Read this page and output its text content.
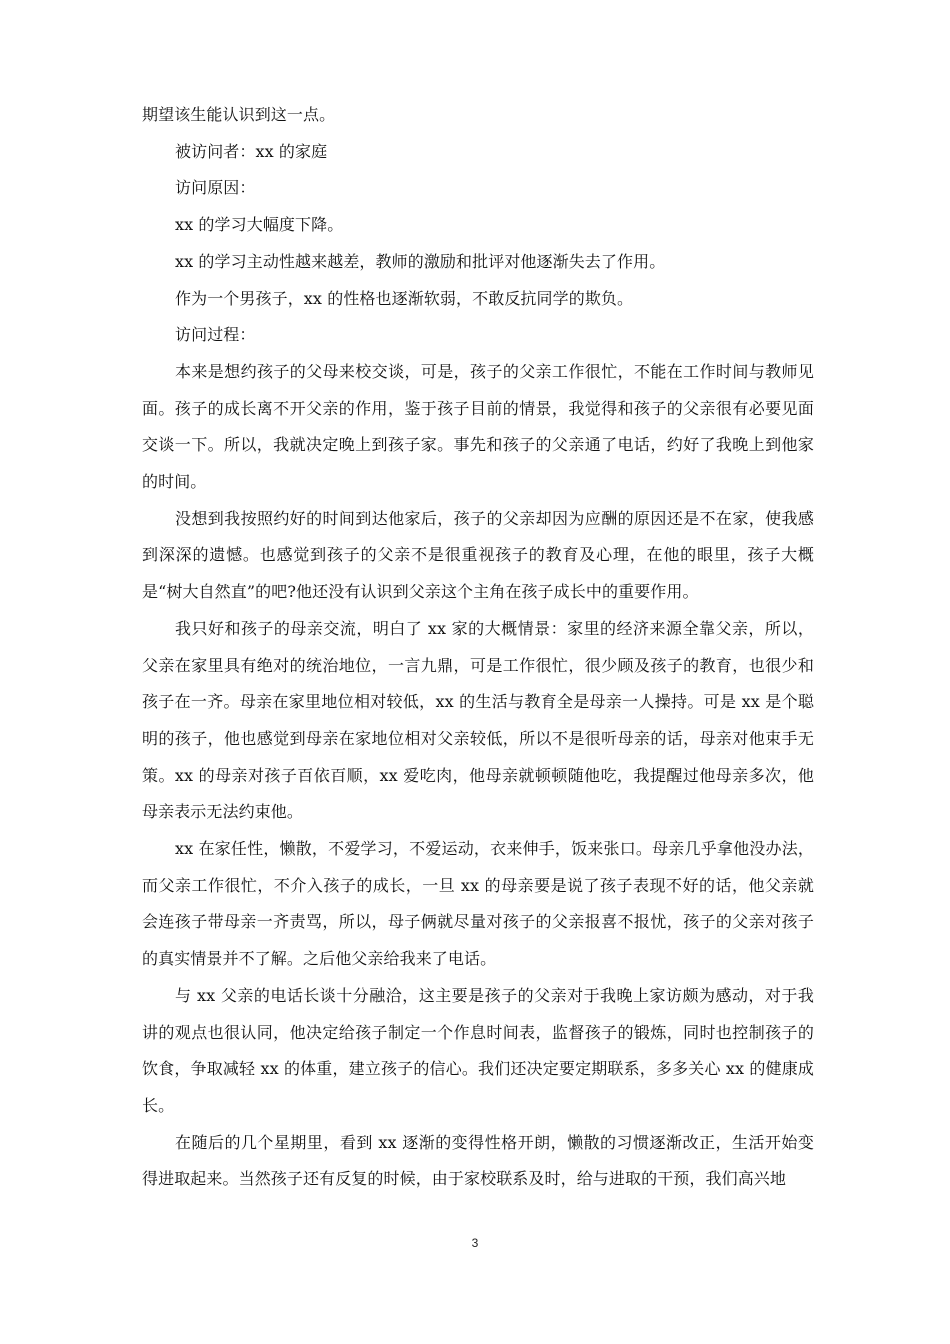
期望该生能认识到这一点。

被访问者：xx 的家庭

访问原因：

xx 的学习大幅度下降。

xx 的学习主动性越来越差，教师的激励和批评对他逐渐失去了作用。

作为一个男孩子，xx 的性格也逐渐软弱，不敢反抗同学的欺负。

访问过程：

本来是想约孩子的父母来校交谈，可是，孩子的父亲工作很忙，不能在工作时间与教师见面。孩子的成长离不开父亲的作用，鉴于孩子目前的情景，我觉得和孩子的父亲很有必要见面交谈一下。所以，我就决定晚上到孩子家。事先和孩子的父亲通了电话，约好了我晚上到他家的时间。

没想到我按照约好的时间到达他家后，孩子的父亲却因为应酬的原因还是不在家，使我感到深深的遗憾。也感觉到孩子的父亲不是很重视孩子的教育及心理，在他的眼里，孩子大概是“树大自然直”的吧?他还没有认识到父亲这个主角在孩子成长中的重要作用。

我只好和孩子的母亲交流，明白了 xx 家的大概情景：家里的经济来源全靠父亲，所以，父亲在家里具有绝对的统治地位，一言九鼎，可是工作很忙，很少顾及孩子的教育，也很少和孩子在一齐。母亲在家里地位相对较低，xx 的生活与教育全是母亲一人操持。可是 xx 是个聪明的孩子，他也感觉到母亲在家地位相对父亲较低，所以不是很听母亲的话，母亲对他束手无策。xx 的母亲对孩子百依百顺，xx 爱吃肉，他母亲就顿顿随他吃，我提醒过他母亲多次，他母亲表示无法约束他。

xx 在家任性，懒散，不爱学习，不爱运动，衣来伸手，饭来张口。母亲几乎拿他没办法，而父亲工作很忙，不介入孩子的成长，一旦 xx 的母亲要是说了孩子表现不好的话，他父亲就会连孩子带母亲一齐责骂，所以，母子俩就尽量对孩子的父亲报喜不报忧，孩子的父亲对孩子的真实情景并不了解。之后他父亲给我来了电话。

与 xx 父亲的电话长谈十分融洽，这主要是孩子的父亲对于我晚上家访颇为感动，对于我讲的观点也很认同，他决定给孩子制定一个作息时间表，监督孩子的锻炼，同时也控制孩子的饮食，争取减轻 xx 的体重，建立孩子的信心。我们还决定要定期联系，多多关心 xx 的健康成长。

在随后的几个星期里，看到 xx 逐渐的变得性格开朗，懒散的习惯逐渐改正，生活开始变得进取起来。当然孩子还有反复的时候，由于家校联系及时，给与进取的干预，我们高兴地

3
